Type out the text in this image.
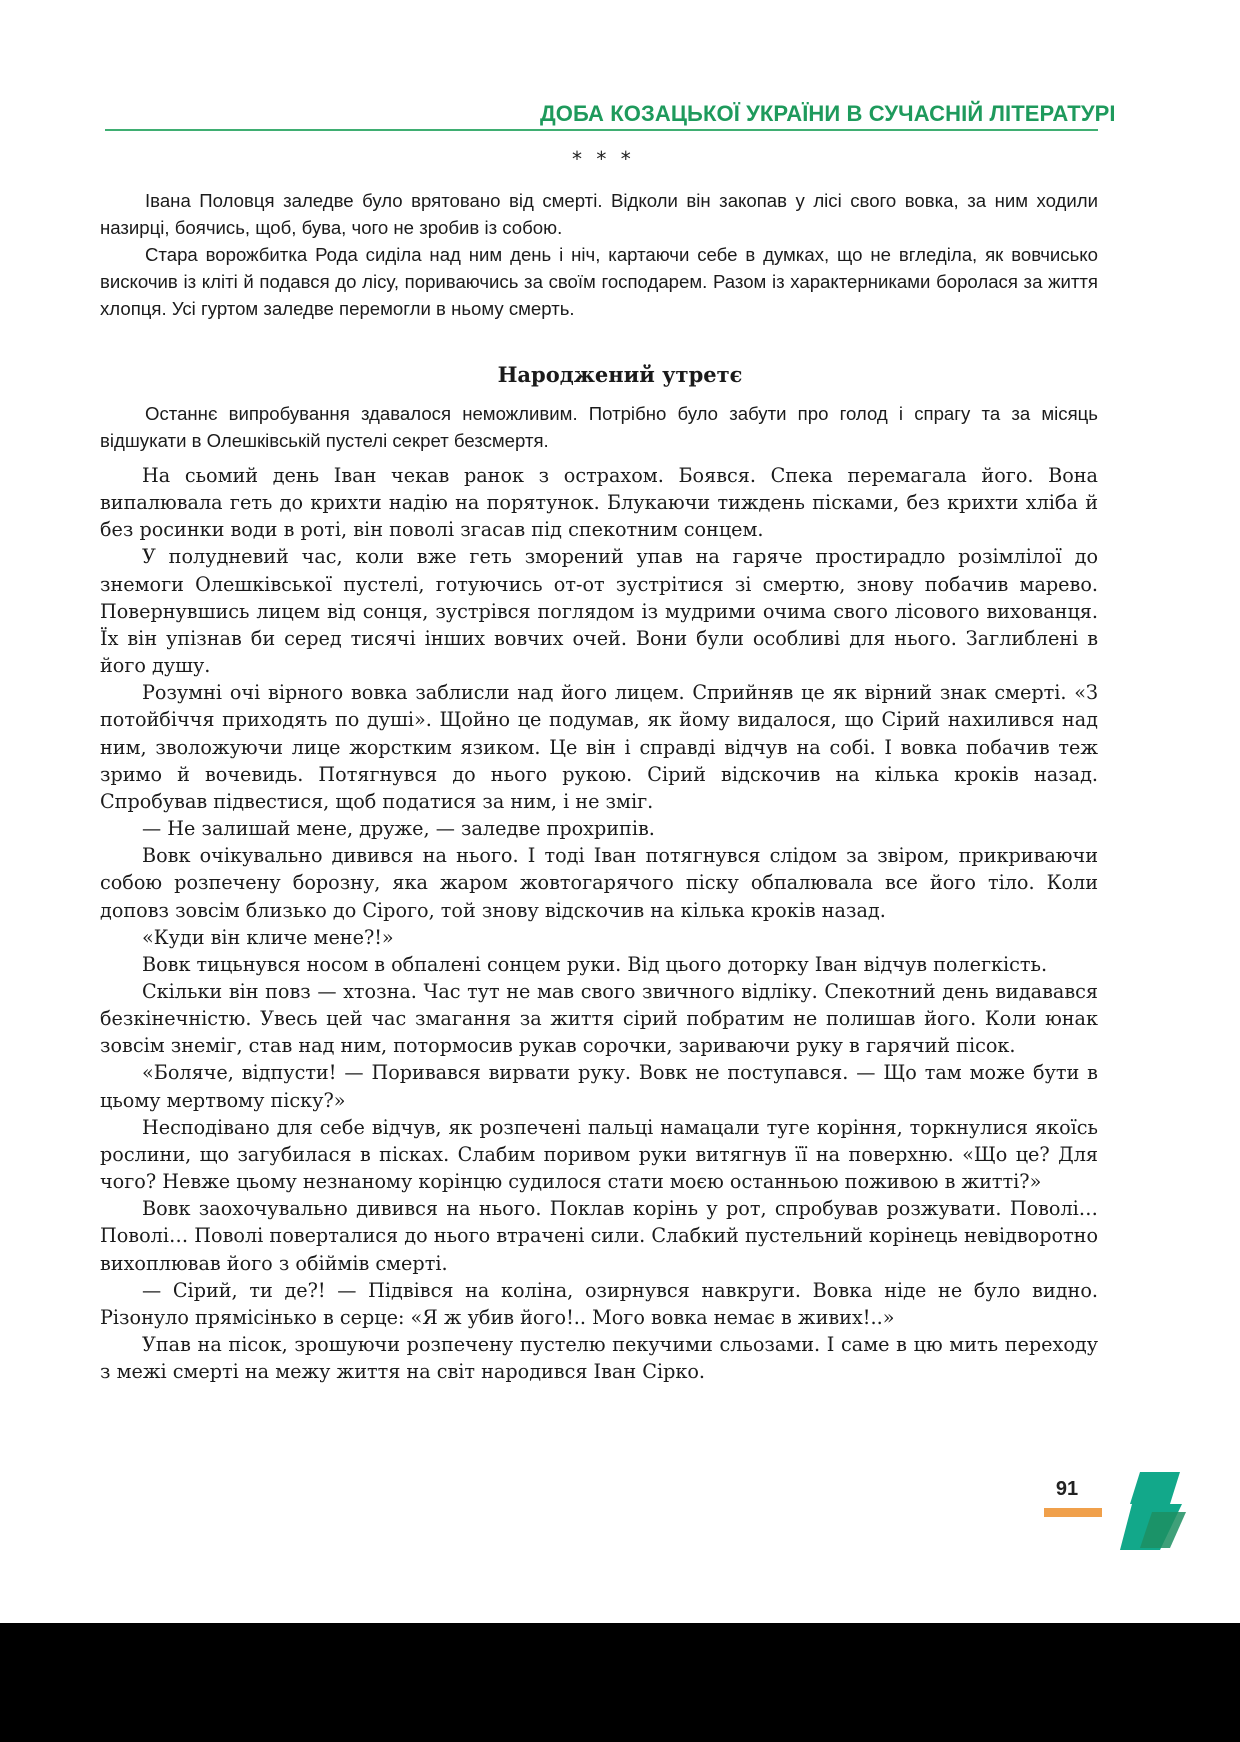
ДОБА КОЗАЦЬКОЇ УКРАЇНИ В СУЧАСНІЙ ЛІТЕРАТУРІ
* * *

Івана Половця заледве було врятовано від смерті. Відколи він закопав у лісі свого вовка, за ним ходили назирці, боячись, щоб, бува, чого не зробив із собою.

Стара ворожбитка Рода сиділа над ним день і ніч, картаючи себе в думках, що не вгледіла, як вовчисько вискочив із кліті й подався до лісу, пориваючись за своїм господарем. Разом із характерниками боролася за життя хлопця. Усі гуртом заледве перемогли в ньому смерть.

Народжений утретє

Останнє випробування здавалося неможливим. Потрібно було забути про голод і спрагу та за місяць відшукати в Олешківській пустелі секрет безсмертя.

На сьомий день Іван чекав ранок з острахом. Боявся. Спека перемагала його. Вона випалювала геть до крихти надію на порятунок. Блукаючи тиждень пісками, без крихти хліба й без росинки води в роті, він поволі згасав під спекотним сонцем.

У полудневий час, коли вже геть зморений упав на гаряче простирадло розімлілої до знемоги Олешківської пустелі, готуючись от-от зустрітися зі смертю, знову побачив марево. Повернувшись лицем від сонця, зустрівся поглядом із мудрими очима свого лісового вихованця. Їх він упізнав би серед тисячі інших вовчих очей. Вони були особливі для нього. Заглиблені в його душу.

Розумні очі вірного вовка заблисли над його лицем. Сприйняв це як вірний знак смерті. «З потойбіччя приходять по душі». Щойно це подумав, як йому видалося, що Сірий нахилився над ним, зволожуючи лице жорстким язиком. Це він і справді відчув на собі. І вовка побачив теж зримо й вочевидь. Потягнувся до нього рукою. Сірий відскочив на кілька кроків назад. Спробував підвестися, щоб податися за ним, і не зміг.

— Не залишай мене, друже, — заледве прохрипів.

Вовк очікувально дивився на нього. І тоді Іван потягнувся слідом за звіром, прикриваючи собою розпечену борозну, яка жаром жовтогарячого піску обпалювала все його тіло. Коли доповз зовсім близько до Сірого, той знову відскочив на кілька кроків назад.

«Куди він кличе мене?!»

Вовк тицьнувся носом в обпалені сонцем руки. Від цього доторку Іван відчув полегкість.

Скільки він повз — хтозна. Час тут не мав свого звичного відліку. Спекотний день видавався безкінечністю. Увесь цей час змагання за життя сірий побратим не полишав його. Коли юнак зовсім знеміг, став над ним, потормосив рукав сорочки, зариваючи руку в гарячий пісок.

«Боляче, відпусти! — Поривався вирвати руку. Вовк не поступався. — Що там може бути в цьому мертвому піску?»

Несподівано для себе відчув, як розпечені пальці намацали туге коріння, торкнулися якоїсь рослини, що загубилася в пісках. Слабим поривом руки витягнув її на поверхню. «Що це? Для чого? Невже цьому незнаному корінцю судилося стати моєю останньою поживою в житті?»

Вовк заохочувально дивився на нього. Поклав корінь у рот, спробував розжувати. Поволі… Поволі… Поволі поверталися до нього втрачені сили. Слабкий пустельний корінець невідворотно вихоплював його з обіймів смерті.

— Сірий, ти де?! — Підвівся на коліна, озирнувся навкруги. Вовка ніде не було видно. Різонуло прямісінько в серце: «Я ж убив його!.. Мого вовка немає в живих!..»

Упав на пісок, зрошуючи розпечену пустелю пекучими сльозами. І саме в цю мить переходу з межі смерті на межу життя на світ народився Іван Сірко.

91
